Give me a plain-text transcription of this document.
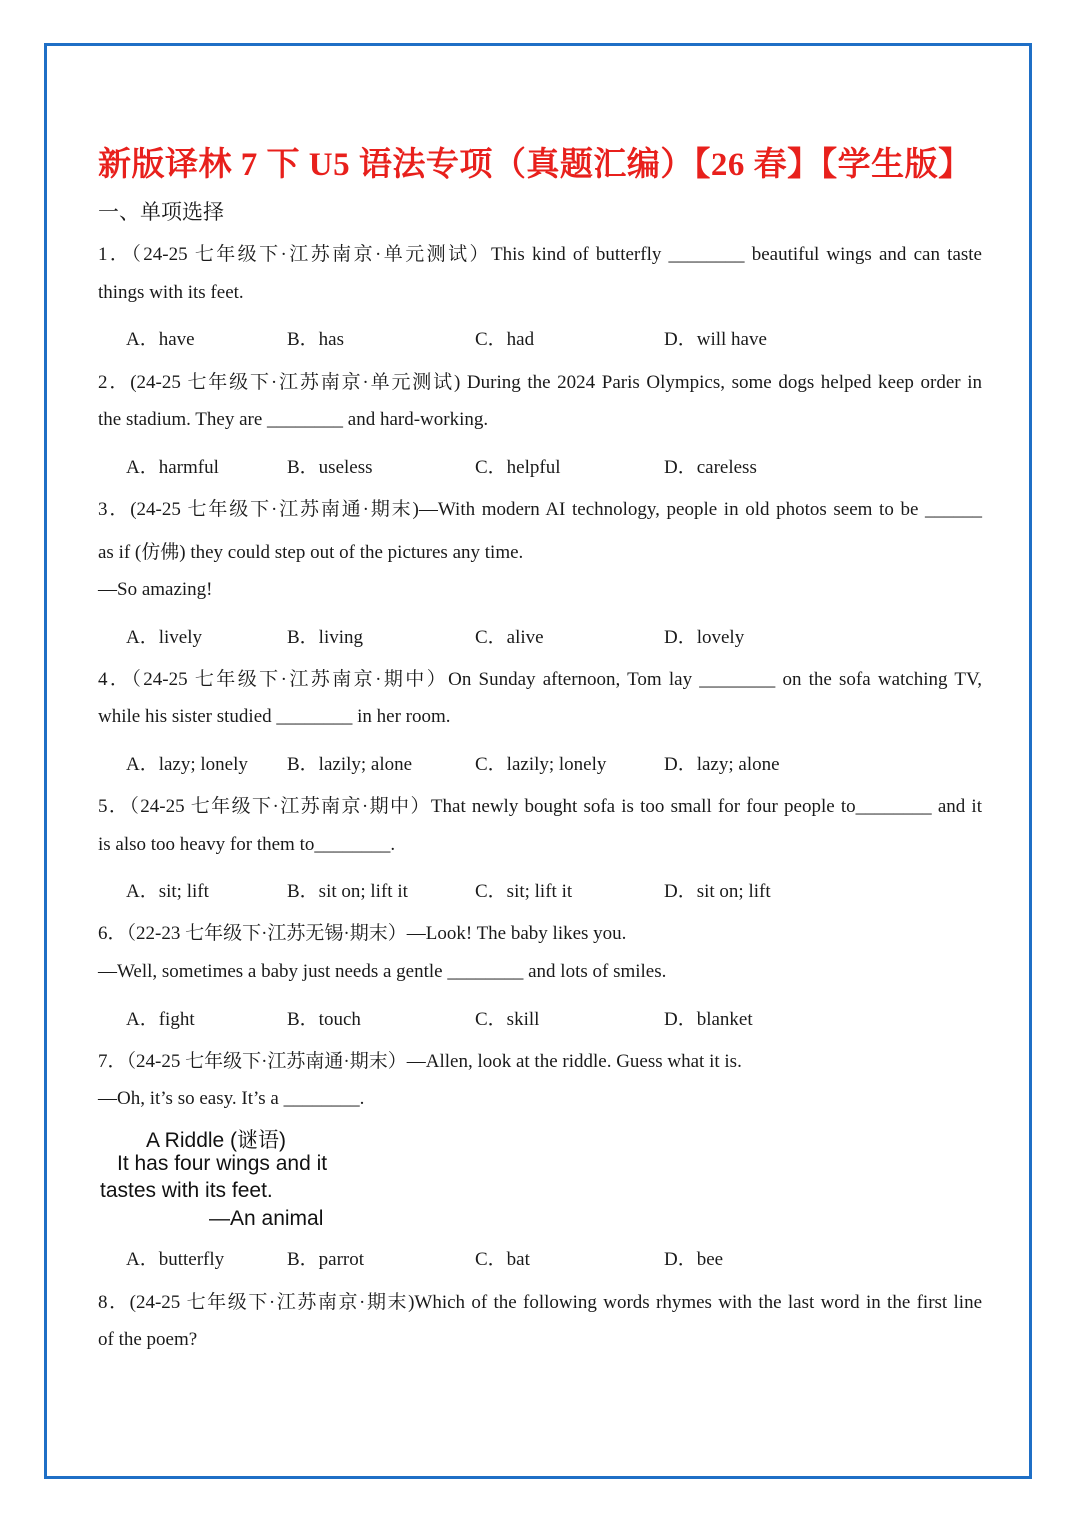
新版译林 7 下 U5 语法专项（真题汇编）【26 春】【学生版】
一、单项选择
1．（24-25 七年级下·江苏南京·单元测试）This kind of butterfly ________ beautiful wings and can taste
things with its feet.
A．have	B．has	C．had	D．will have
2．(24-25 七年级下·江苏南京·单元测试) During the 2024 Paris Olympics, some dogs helped keep order in
the stadium. They are ________ and hard-working.
A．harmful	B．useless	C．helpful	D．careless
3．(24-25 七年级下·江苏南通·期末)—With modern AI technology, people in old photos seem to be ______
as if (仿佛) they could step out of the pictures any time.
—So amazing!
A．lively	B．living	C．alive	D．lovely
4．（24-25 七年级下·江苏南京·期中）On Sunday afternoon, Tom lay ________ on the sofa watching TV,
while his sister studied ________ in her room.
A．lazy; lonely B．lazily; alone	C．lazily; lonely	D．lazy; alone
5．（24-25 七年级下·江苏南京·期中）That newly bought sofa is too small for four people to________ and it
is also too heavy for them to________.
A．sit; lift	B．sit on; lift it	C．sit; lift it	D．sit on; lift
6．（22-23 七年级下·江苏无锡·期末）—Look! The baby likes you.
—Well, sometimes a baby just needs a gentle ________ and lots of smiles.
A．fight	B．touch	C．skill	D．blanket
7．（24-25 七年级下·江苏南通·期末）—Allen, look at the riddle. Guess what it is.
—Oh, it’s so easy. It’s a ________.
A Riddle (谜语)
It has four wings and it
tastes with its feet.
—An animal
A．butterfly	B．parrot	C．bat	D．bee
8．(24-25 七年级下·江苏南京·期末)Which of the following words rhymes with the last word in the first line
of the poem?
